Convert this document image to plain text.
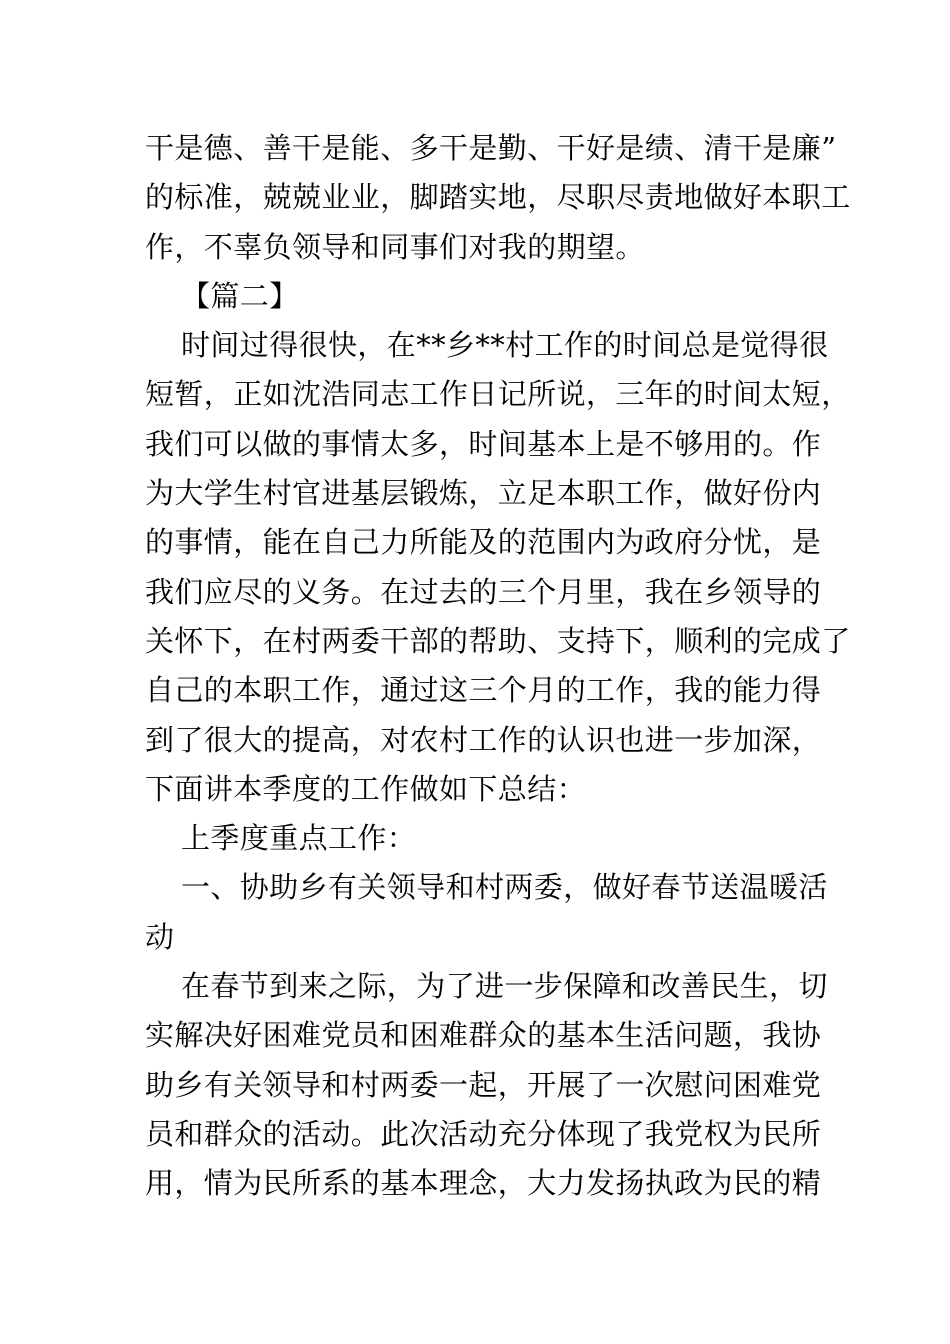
干是德、善干是能、多干是勤、干好是绩、清干是廉”
的标准，兢兢业业，脚踏实地，尽职尽责地做好本职工
作，不辜负领导和同事们对我的期望。
【篇二】
时间过得很快，在**乡**村工作的时间总是觉得很
短暂，正如沈浩同志工作日记所说，三年的时间太短，
我们可以做的事情太多，时间基本上是不够用的。作
为大学生村官进基层锻炼，立足本职工作，做好份内
的事情，能在自己力所能及的范围内为政府分忧，是
我们应尽的义务。在过去的三个月里，我在乡领导的
关怀下，在村两委干部的帮助、支持下，顺利的完成了
自己的本职工作，通过这三个月的工作，我的能力得
到了很大的提高，对农村工作的认识也进一步加深，
下面讲本季度的工作做如下总结：
上季度重点工作：
一、协助乡有关领导和村两委，做好春节送温暖活
动
在春节到来之际，为了进一步保障和改善民生，切
实解决好困难党员和困难群众的基本生活问题，我协
助乡有关领导和村两委一起，开展了一次慰问困难党
员和群众的活动。此次活动充分体现了我党权为民所
用，情为民所系的基本理念，大力发扬执政为民的精
